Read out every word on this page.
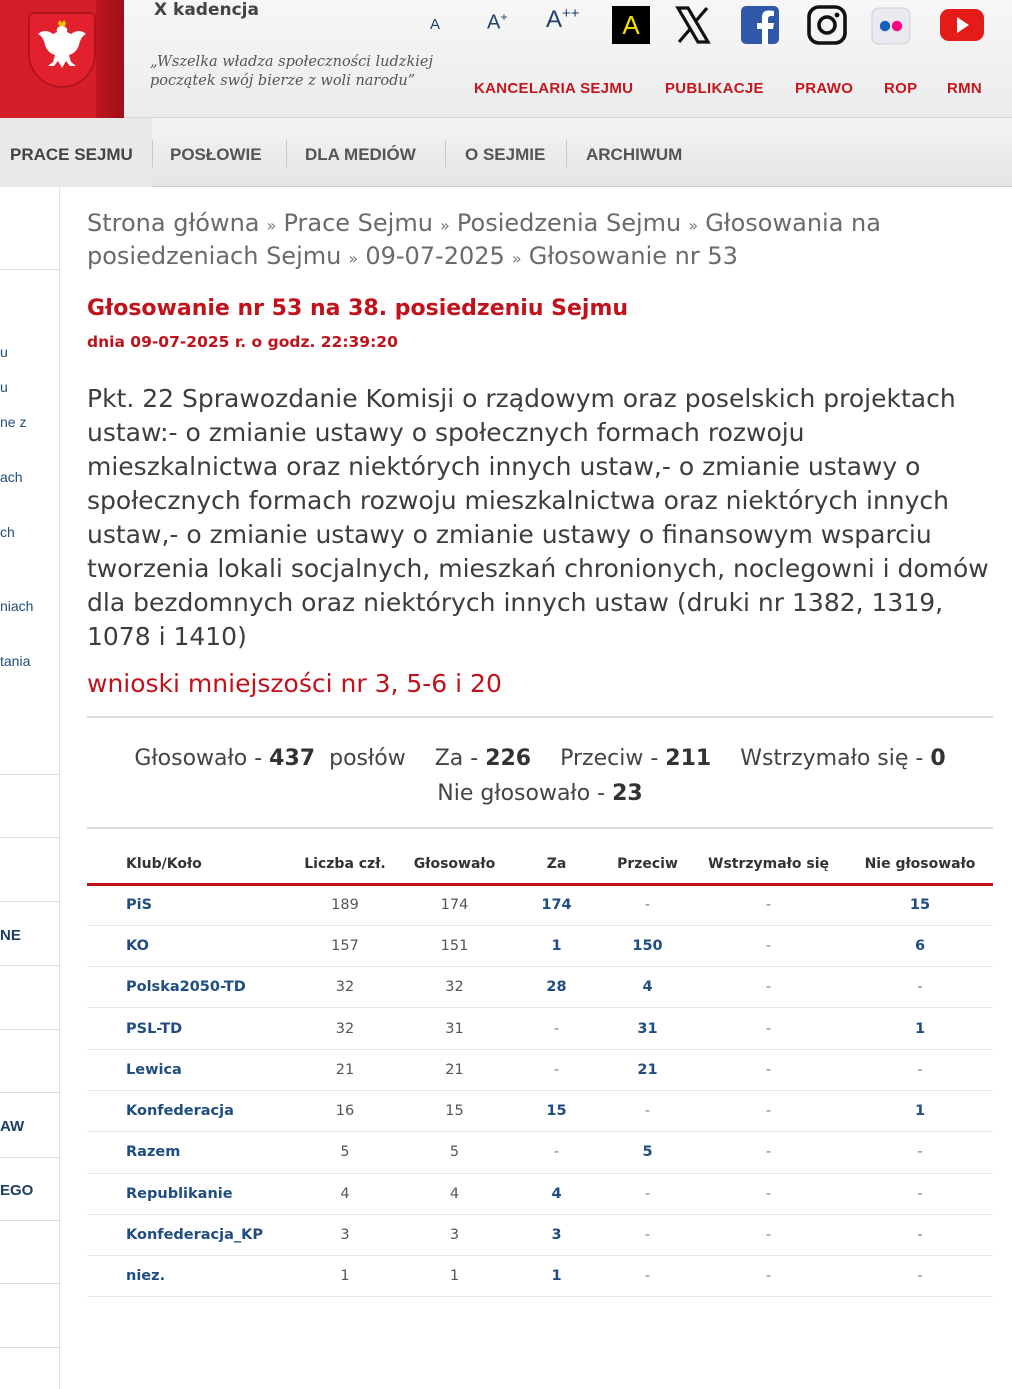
X kadencja
„Wszelka władza społeczności ludzkiej początek swój bierze z woli narodu”
A A+ A++	A
KANCELARIA SEJMU PUBLIKACJE PRAWO ROP RMN
PRACE SEJMU	POSŁOWIE	DLA MEDIÓW	O SEJMIE ARCHIWUM
u
u
ne z
ach
ch
niach
tania
NE
AW
EGO
Strona główna » Prace Sejmu » Posiedzenia Sejmu » Głosowania na posiedzeniach Sejmu » 09-07-2025 » Głosowanie nr 53
Głosowanie nr 53 na 38. posiedzeniu Sejmu
dnia 09-07-2025 r. o godz. 22:39:20
Pkt. 22 Sprawozdanie Komisji o rządowym oraz poselskich projektach ustaw:- o zmianie ustawy o społecznych formach rozwoju mieszkalnictwa oraz niektórych innych ustaw,- o zmianie ustawy o społecznych formach rozwoju mieszkalnictwa oraz niektórych innych ustaw,- o zmianie ustawy o zmianie ustawy o finansowym wsparciu tworzenia lokali socjalnych, mieszkań chronionych, noclegowni i domów dla bezdomnych oraz niektórych innych ustaw (druki nr 1382, 1319, 1078 i 1410)
wnioski mniejszości nr 3, 5-6 i 20
Głosowało - 437 posłów Za - 226 Przeciw - 211 Wstrzymało się - 0
Nie głosowało - 23
Klub/Koło	Liczba czł.	Głosowało	Za	Przeciw	Wstrzymało się	Nie głosowało
PiS	189	174	174	-	-	15
KO	157	151	1	150	-	6
Polska2050-TD	32	32	28	4	-	-
PSL-TD	32	31	-	31	-	1
Lewica	21	21	-	21	-	-
Konfederacja	16	15	15	-	-	1
Razem	5	5	-	5	-	-
Republikanie	4	4	4	-	-	-
Konfederacja_KP	3	3	3	-	-	-
niez.	1	1	1	-	-	-
